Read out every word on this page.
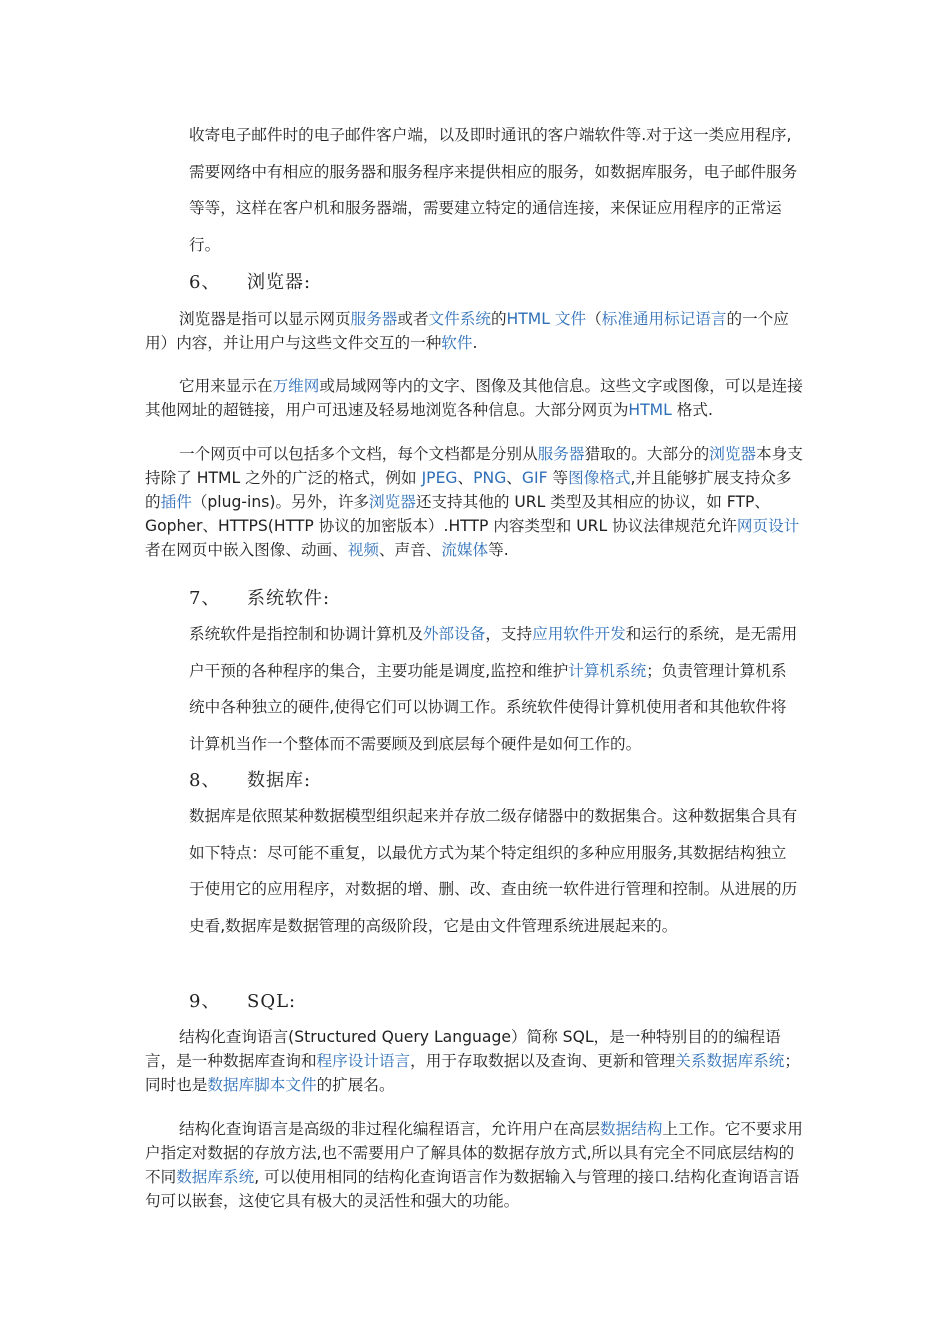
收寄电子邮件时的电子邮件客户端，以及即时通讯的客户端软件等.对于这一类应用程序,需要网络中有相应的服务器和服务程序来提供相应的服务，如数据库服务，电子邮件服务等等，这样在客户机和服务器端，需要建立特定的通信连接，来保证应用程序的正常运行。

6、 浏览器:

浏览器是指可以显示网页服务器或者文件系统的HTML 文件（标准通用标记语言的一个应用）内容，并让用户与这些文件交互的一种软件.

它用来显示在万维网或局域网等内的文字、图像及其他信息。这些文字或图像，可以是连接其他网址的超链接，用户可迅速及轻易地浏览各种信息。大部分网页为HTML 格式.

一个网页中可以包括多个文档，每个文档都是分别从服务器猎取的。大部分的浏览器本身支持除了 HTML 之外的广泛的格式，例如 JPEG、PNG、GIF 等图像格式,并且能够扩展支持众多的插件（plug-ins)。另外，许多浏览器还支持其他的 URL 类型及其相应的协议，如 FTP、Gopher、HTTPS(HTTP 协议的加密版本）.HTTP 内容类型和 URL 协议法律规范允许网页设计者在网页中嵌入图像、动画、视频、声音、流媒体等.

7、 系统软件:

系统软件是指控制和协调计算机及外部设备，支持应用软件开发和运行的系统，是无需用户干预的各种程序的集合，主要功能是调度,监控和维护计算机系统；负责管理计算机系统中各种独立的硬件,使得它们可以协调工作。系统软件使得计算机使用者和其他软件将计算机当作一个整体而不需要顾及到底层每个硬件是如何工作的。

8、 数据库:

数据库是依照某种数据模型组织起来并存放二级存储器中的数据集合。这种数据集合具有如下特点：尽可能不重复，以最优方式为某个特定组织的多种应用服务,其数据结构独立于使用它的应用程序，对数据的增、删、改、查由统一软件进行管理和控制。从进展的历史看,数据库是数据管理的高级阶段，它是由文件管理系统进展起来的。

9、 SQL:

结构化查询语言(Structured Query Language）简称 SQL，是一种特别目的的编程语言，是一种数据库查询和程序设计语言，用于存取数据以及查询、更新和管理关系数据库系统；同时也是数据库脚本文件的扩展名。

结构化查询语言是高级的非过程化编程语言，允许用户在高层数据结构上工作。它不要求用户指定对数据的存放方法,也不需要用户了解具体的数据存放方式,所以具有完全不同底层结构的不同数据库系统, 可以使用相同的结构化查询语言作为数据输入与管理的接口.结构化查询语言语句可以嵌套，这使它具有极大的灵活性和强大的功能。
